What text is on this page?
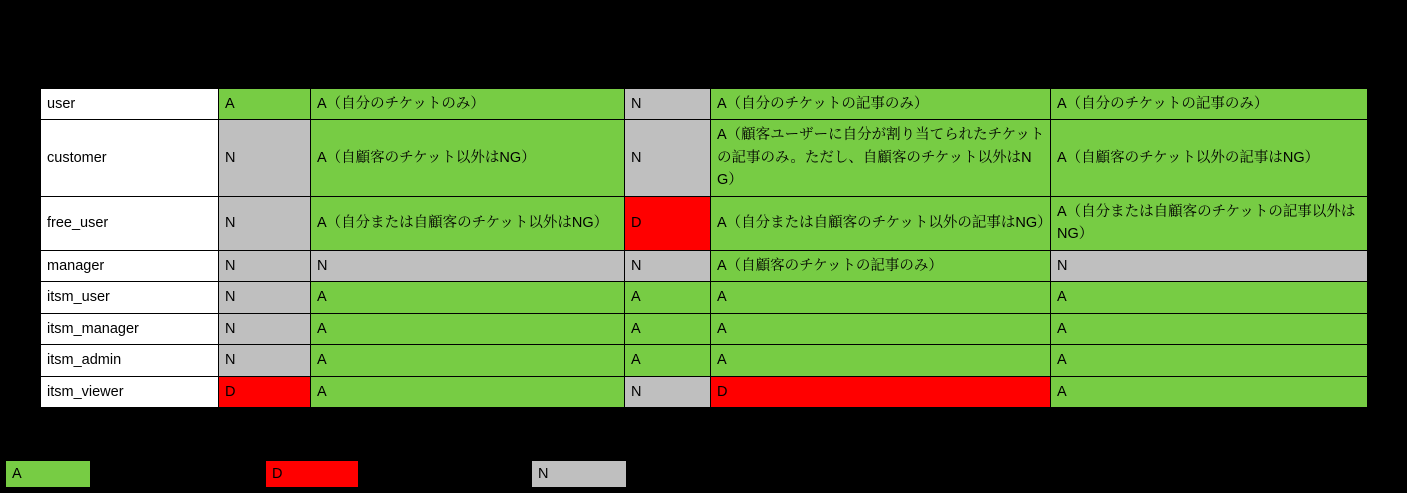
user	A	A（自分のチケットのみ）	N	A（自分のチケットの記事のみ）	A（自分のチケットの記事のみ）
customer	N	A（自顧客のチケット以外はNG）	N	A（顧客ユーザーに自分が割り当てられたチケットの記事のみ。ただし、自顧客のチケット以外はNG）	A（自顧客のチケット以外の記事はNG）
free_user	N	A（自分または自顧客のチケット以外はNG）	D	A（自分または自顧客のチケット以外の記事はNG）	A（自分または自顧客のチケットの記事以外はNG）
manager	N	N	N	A（自顧客のチケットの記事のみ）	N
itsm_user	N	A	A	A	A
itsm_manager	N	A	A	A	A
itsm_admin	N	A	A	A	A
itsm_viewer	D	A	N	D	A
A	D	N
